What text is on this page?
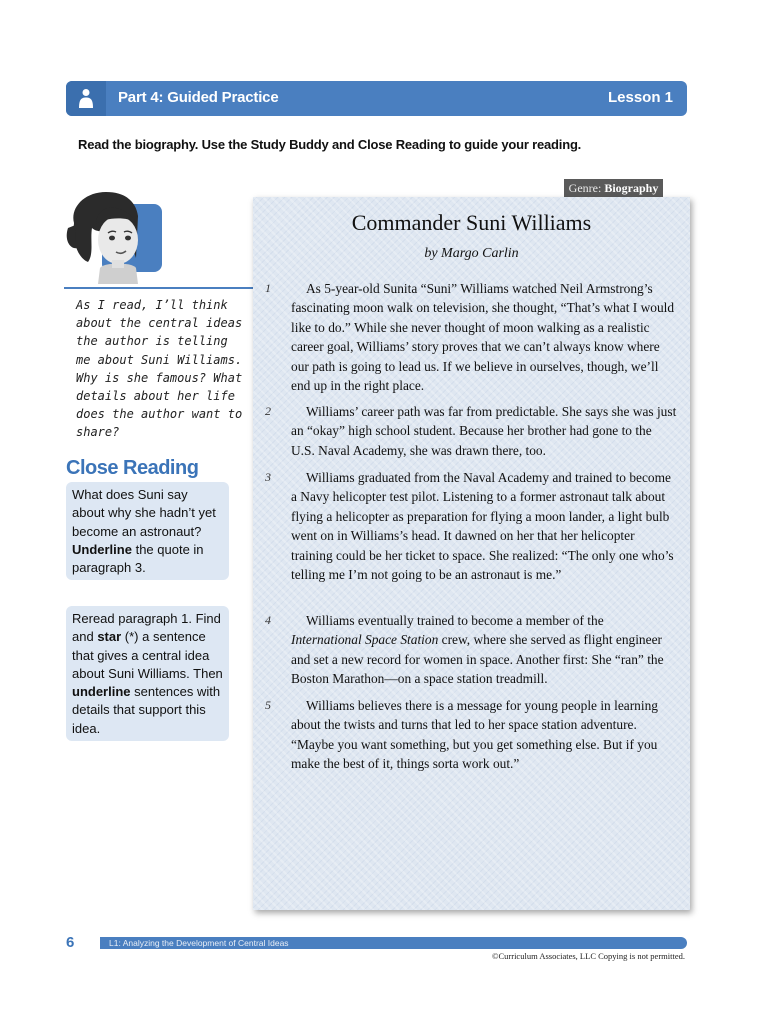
Part 4: Guided Practice	Lesson 1
Read the biography. Use the Study Buddy and Close Reading to guide your reading.
Genre: Biography
As I read, I’ll think about the central ideas the author is telling me about Suni Williams. Why is she famous? What details about her life does the author want to share?
Close Reading
What does Suni say about why she hadn’t yet become an astronaut? Underline the quote in paragraph 3.
Reread paragraph 1. Find and star (*) a sentence that gives a central idea about Suni Williams. Then underline sentences with details that support this idea.
Commander Suni Williams
by Margo Carlin
1	As 5-year-old Sunita “Suni” Williams watched Neil Armstrong’s fascinating moon walk on television, she thought, “That’s what I would like to do.” While she never thought of moon walking as a realistic career goal, Williams’ story proves that we can’t always know where our path is going to lead us. If we believe in ourselves, though, we’ll end up in the right place.
2	Williams’ career path was far from predictable. She says she was just an “okay” high school student. Because her brother had gone to the U.S. Naval Academy, she was drawn there, too.
3	Williams graduated from the Naval Academy and trained to become a Navy helicopter test pilot. Listening to a former astronaut talk about flying a helicopter as preparation for flying a moon lander, a light bulb went on in Williams’s head. It dawned on her that her helicopter training could be her ticket to space. She realized: “The only one who’s telling me I’m not going to be an astronaut is me.”
4	Williams eventually trained to become a member of the International Space Station crew, where she served as flight engineer and set a new record for women in space. Another first: She “ran” the Boston Marathon—on a space station treadmill.
5	Williams believes there is a message for young people in learning about the twists and turns that led to her space station adventure. “Maybe you want something, but you get something else. But if you make the best of it, things sorta work out.”
6	L1: Analyzing the Development of Central Ideas
©Curriculum Associates, LLC Copying is not permitted.
